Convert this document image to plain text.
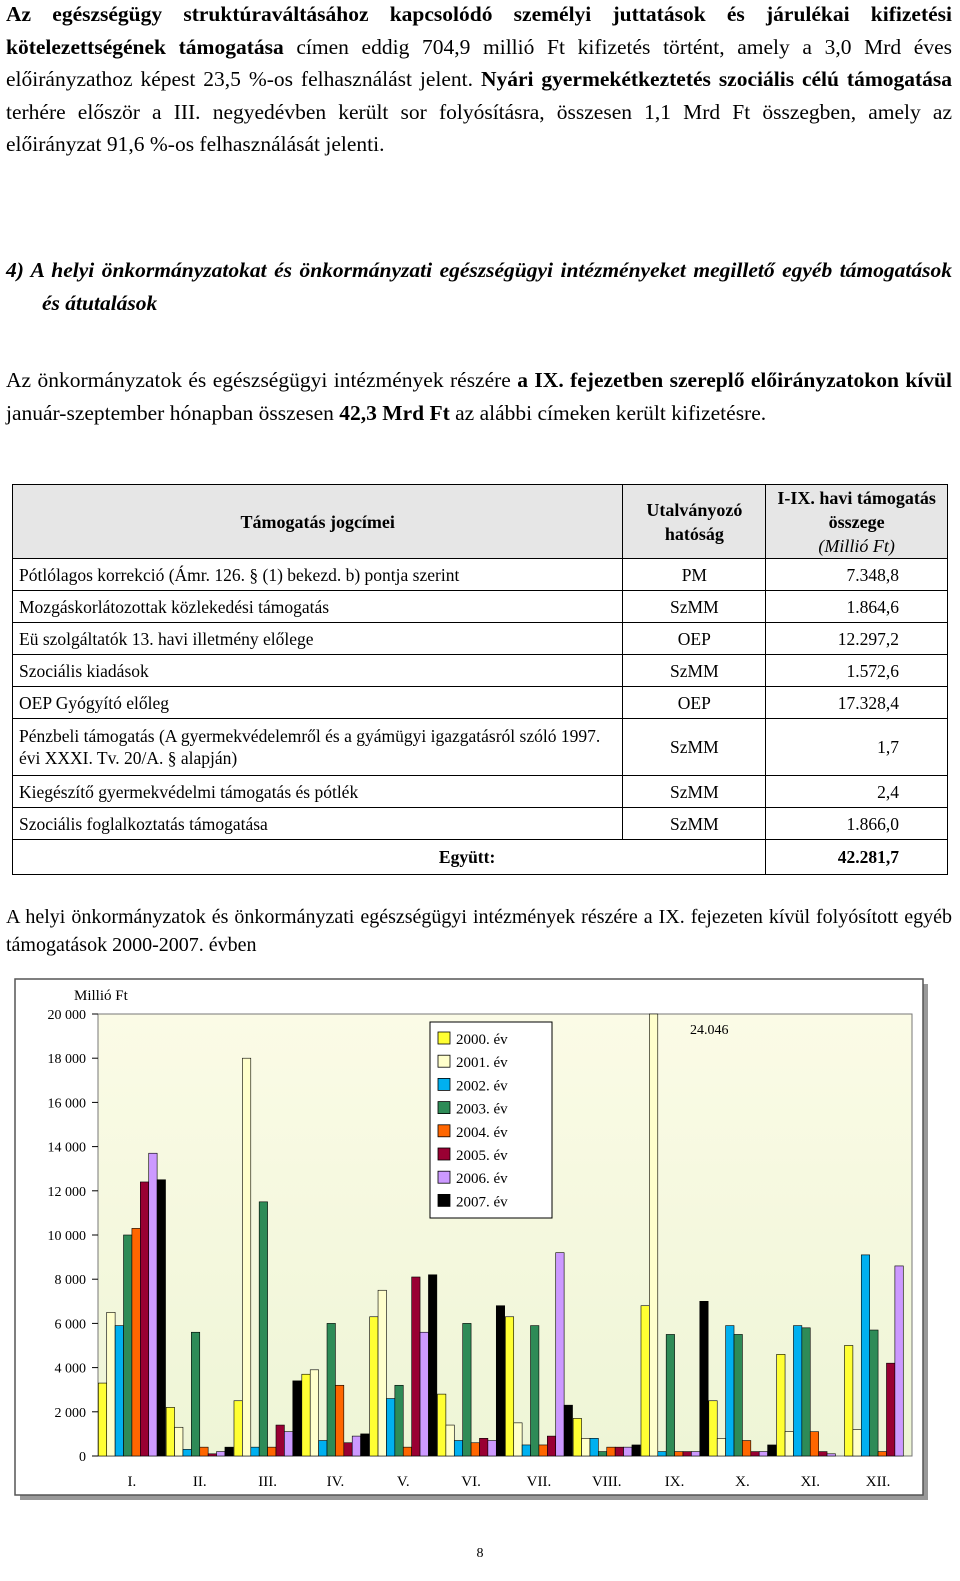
Az egészségügy struktúraváltásához kapcsolódó személyi juttatások és járulékai kifizetési kötelezettségének támogatása címen eddig 704,9 millió Ft kifizetés történt, amely a 3,0 Mrd éves előirányzathoz képest 23,5 %-os felhasználást jelent. Nyári gyermekétkeztetés szociális célú támogatása terhére először a III. negyedévben került sor folyósításra, összesen 1,1 Mrd Ft összegben, amely az előirányzat 91,6 %-os felhasználását jelenti.

4) A helyi önkormányzatokat és önkormányzati egészségügyi intézményeket megillető egyéb támogatások és átutalások

Az önkormányzatok és egészségügyi intézmények részére a IX. fejezetben szereplő előirányzatokon kívül január-szeptember hónapban összesen 42,3 Mrd Ft az alábbi címeken került kifizetésre.

Támogatás jogcímei	Utalványozó hatóság	I-IX. havi támogatás összege
(Millió Ft)

Pótlólagos korrekció (Ámr. 126. § (1) bekezd. b) pontja szerint	PM	7.348,8
Mozgáskorlátozottak közlekedési támogatás	SzMM	1.864,6
Eü szolgáltatók 13. havi illetmény előlege	OEP	12.297,2
Szociális kiadások	SzMM	1.572,6
OEP Gyógyító előleg	OEP	17.328,4
Pénzbeli támogatás (A gyermekvédelemről és a gyámügyi igazgatásról szóló 1997. évi XXXI. Tv. 20/A. § alapján)	SzMM	1,7
Kiegészítő gyermekvédelmi támogatás és pótlék	SzMM	2,4
Szociális foglalkoztatás támogatása	SzMM	1.866,0
Együtt:		42.281,7

A helyi önkormányzatok és önkormányzati egészségügyi intézmények részére a IX. fejezeten kívül folyósított egyéb támogatások 2000-2007. évben

0
2 000
4 000
6 000
8 000
10 000
12 000
14 000
16 000
18 000
20 000
Millió Ft
I.	II.	III.	IV.	V.	VI.	VII.	VIII.	IX.	X.	XI.	XII.
24.046
2000. év
2001. év
2002. év
2003. év
2004. év
2005. év
2006. év
2007. év
8
